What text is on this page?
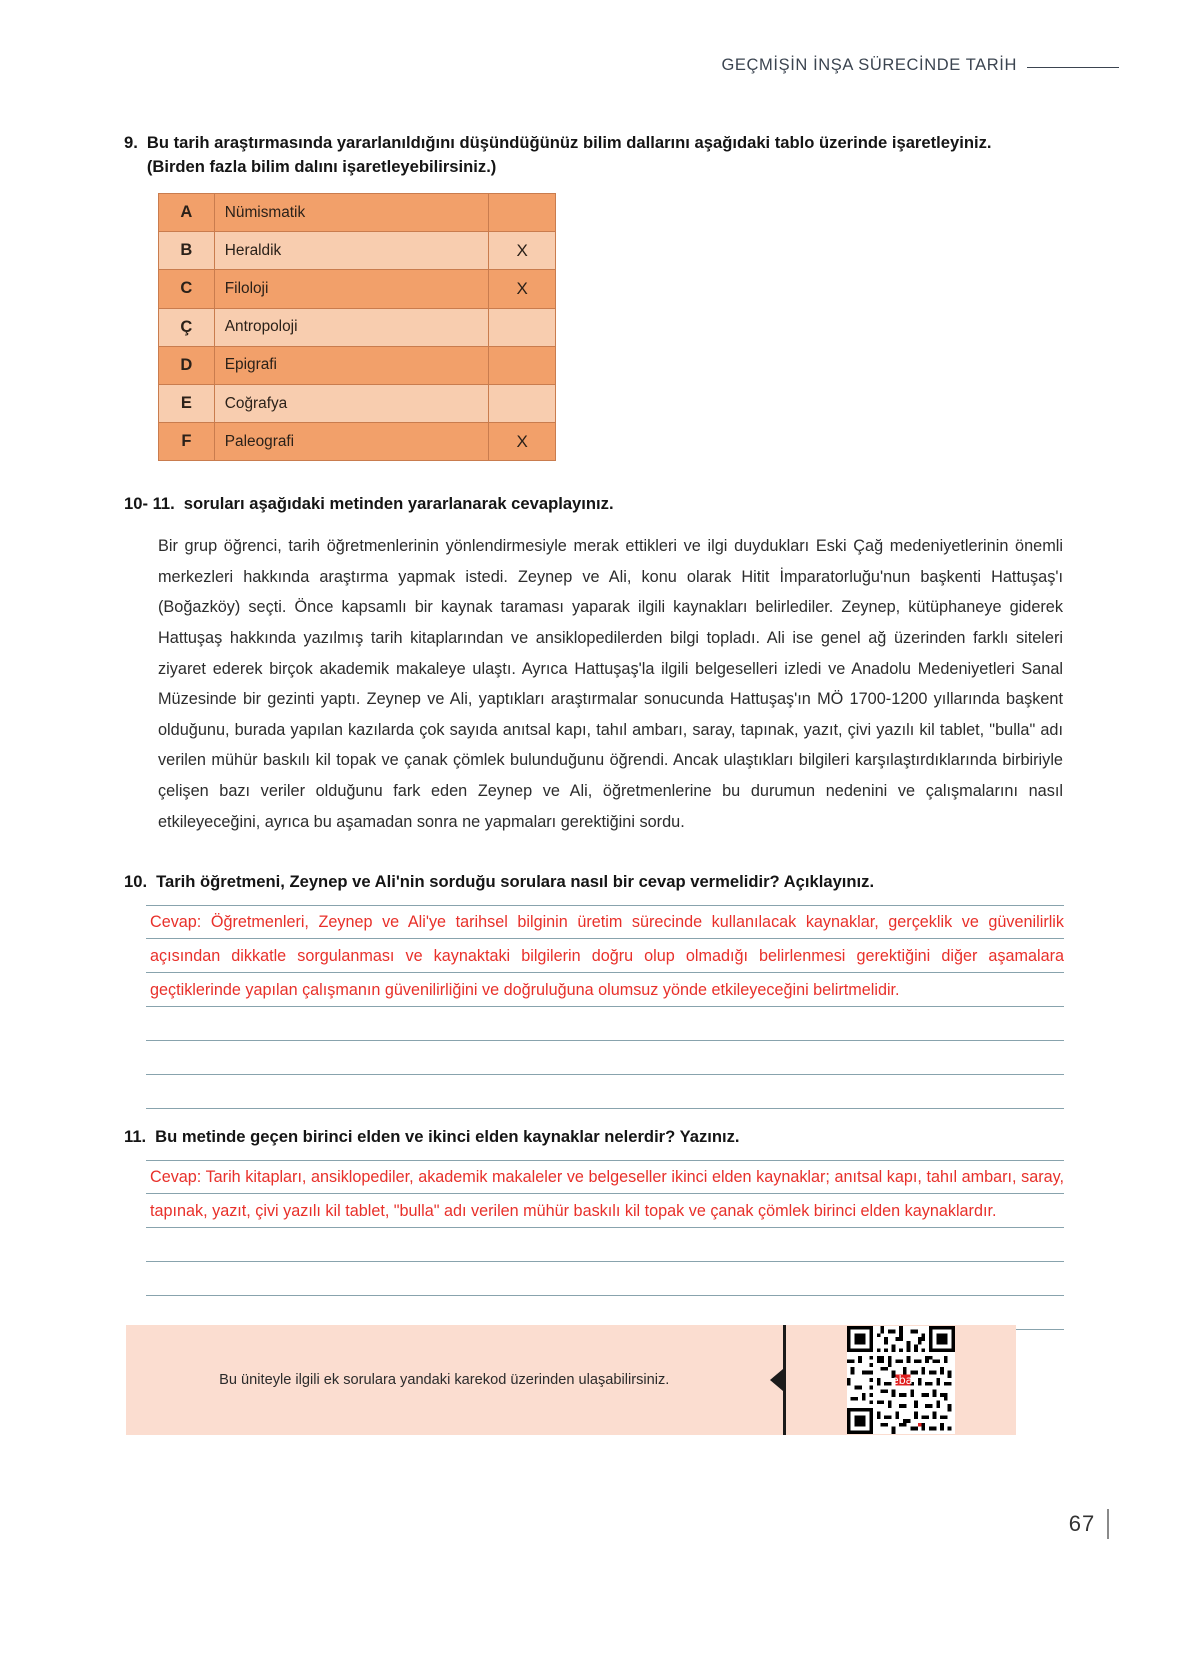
GEÇMİŞİN İNŞA SÜRECİNDE TARİH
9. Bu tarih araştırmasında yararlanıldığını düşündüğünüz bilim dallarını aşağıdaki tablo üzerinde işaretleyiniz. (Birden fazla bilim dalını işaretleyebilirsiniz.)
A	Nümismatik	
B	Heraldik	X
C	Filoloji	X
Ç	Antropoloji	
D	Epigrafi	
E	Coğrafya	
F	Paleografi	X
10- 11. soruları aşağıdaki metinden yararlanarak cevaplayınız.
Bir grup öğrenci, tarih öğretmenlerinin yönlendirmesiyle merak ettikleri ve ilgi duydukları Eski Çağ medeniyetlerinin önemli merkezleri hakkında araştırma yapmak istedi. Zeynep ve Ali, konu olarak Hitit İmparatorluğu'nun başkenti Hattuşaş'ı (Boğazköy) seçti. Önce kapsamlı bir kaynak taraması yaparak ilgili kaynakları belirlediler. Zeynep, kütüphaneye giderek Hattuşaş hakkında yazılmış tarih kitaplarından ve ansiklopedilerden bilgi topladı. Ali ise genel ağ üzerinden farklı siteleri ziyaret ederek birçok akademik makaleye ulaştı. Ayrıca Hattuşaş'la ilgili belgeselleri izledi ve Anadolu Medeniyetleri Sanal Müzesinde bir gezinti yaptı. Zeynep ve Ali, yaptıkları araştırmalar sonucunda Hattuşaş'ın MÖ 1700-1200 yıllarında başkent olduğunu, burada yapılan kazılarda çok sayıda anıtsal kapı, tahıl ambarı, saray, tapınak, yazıt, çivi yazılı kil tablet, "bulla" adı verilen mühür baskılı kil topak ve çanak çömlek bulunduğunu öğrendi. Ancak ulaştıkları bilgileri karşılaştırdıklarında birbiriyle çelişen bazı veriler olduğunu fark eden Zeynep ve Ali, öğretmenlerine bu durumun nedenini ve çalışmalarını nasıl etkileyeceğini, ayrıca bu aşamadan sonra ne yapmaları gerektiğini sordu.
10. Tarih öğretmeni, Zeynep ve Ali'nin sorduğu sorulara nasıl bir cevap vermelidir? Açıklayınız.
Cevap: Öğretmenleri, Zeynep ve Ali'ye tarihsel bilginin üretim sürecinde kullanılacak kaynaklar, gerçeklik ve güvenilirlik açısından dikkatle sorgulanması ve kaynaktaki bilgilerin doğru olup olmadığı belirlenmesi gerektiğini diğer aşamalara geçtiklerinde yapılan çalışmanın güvenilirliğini ve doğruluğuna olumsuz yönde etkileyeceğini belirtmelidir.
11. Bu metinde geçen birinci elden ve ikinci elden kaynaklar nelerdir? Yazınız.
Cevap: Tarih kitapları, ansiklopediler, akademik makaleler ve belgeseller ikinci elden kaynaklar; anıtsal kapı, tahıl ambarı, saray, tapınak, yazıt, çivi yazılı kil tablet, "bulla" adı verilen mühür baskılı kil topak ve çanak çömlek birinci elden kaynaklardır.
Bu üniteyle ilgili ek sorulara yandaki karekod üzerinden ulaşabilirsiniz.	eba
67
